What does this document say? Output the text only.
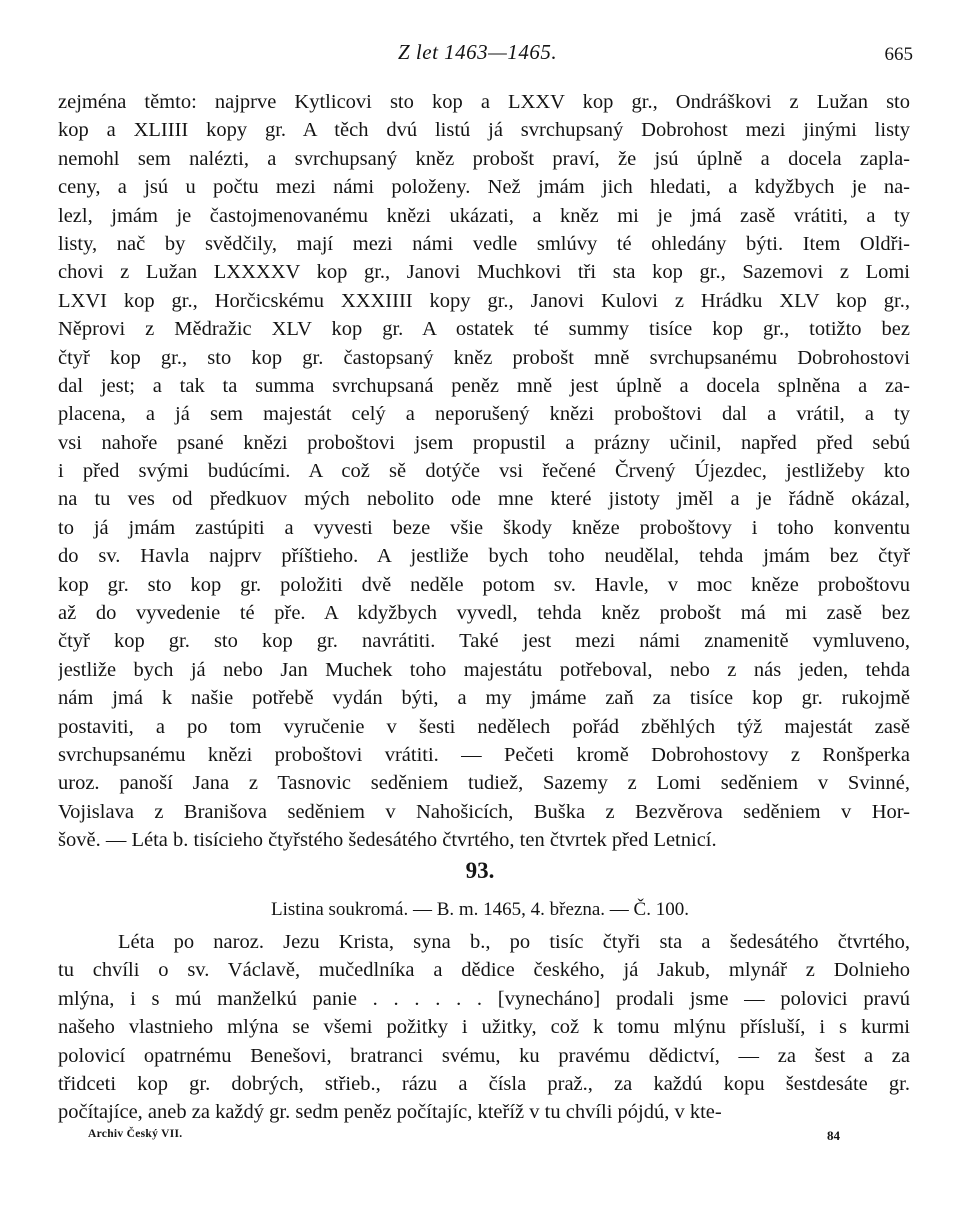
Z let 1463—1465.	665
zejména těmto: najprve Kytlicovi sto kop a LXXV kop gr., Ondráškovi z Lužan sto
kop a XLIIII kopy gr. A těch dvú listú já svrchupsaný Dobrohost mezi jinými listy
nemohl sem nalézti, a svrchupsaný kněz probošt praví, že jsú úplně a docela zapla-
ceny, a jsú u počtu mezi námi položeny. Než jmám jich hledati, a kdyžbych je na-
lezl, jmám je častojmenovanému knězi ukázati, a kněz mi je jmá zasě vrátiti, a ty
listy, nač by svědčily, mají mezi námi vedle smlúvy té ohledány býti. Item Oldři-
chovi z Lužan LXXXXV kop gr., Janovi Muchkovi tři sta kop gr., Sazemovi z Lomi
LXVI kop gr., Horčicskému XXXIIII kopy gr., Janovi Kulovi z Hrádku XLV kop gr.,
Něprovi z Mědražic XLV kop gr. A ostatek té summy tisíce kop gr., totižto bez
čtyř kop gr., sto kop gr. častopsaný kněz probošt mně svrchupsanému Dobrohostovi
dal jest; a tak ta summa svrchupsaná peněz mně jest úplně a docela splněna a za-
placena, a já sem majestát celý a neporušený knězi proboštovi dal a vrátil, a ty
vsi nahoře psané knězi proboštovi jsem propustil a prázny učinil, napřed před sebú
i před svými budúcími. A což sě dotýče vsi řečené Črvený Újezdec, jestližeby kto
na tu ves od předkuov mých nebolito ode mne které jistoty jměl a je řádně okázal,
to já jmám zastúpiti a vyvesti beze všie škody kněze proboštovy i toho konventu
do sv. Havla najprv příštieho. A jestliže bych toho neudělal, tehda jmám bez čtyř
kop gr. sto kop gr. položiti dvě neděle potom sv. Havle, v moc kněze proboštovu
až do vyvedenie té pře. A kdyžbych vyvedl, tehda kněz probošt má mi zasě bez
čtyř kop gr. sto kop gr. navrátiti. Také jest mezi námi znamenitě vymluveno,
jestliže bych já nebo Jan Muchek toho majestátu potřeboval, nebo z nás jeden, tehda
nám jmá k našie potřebě vydán býti, a my jmáme zaň za tisíce kop gr. rukojmě
postaviti, a po tom vyručenie v šesti nedělech pořád zběhlých týž majestát zasě
svrchupsanému knězi proboštovi vrátiti. — Pečeti kromě Dobrohostovy z Ronšperka
uroz. panoší Jana z Tasnovic seděniem tudiež, Sazemy z Lomi seděniem v Svinné,
Vojislava z Branišova seděniem v Nahošicích, Buška z Bezvěrova seděniem v Hor-
šově. — Léta b. tisícieho čtyřstého šedesátého čtvrtého, ten čtvrtek před Letnicí.
93.
Listina soukromá. — B. m. 1465, 4. března. — Č. 100.
Léta po naroz. Jezu Krista, syna b., po tisíc čtyři sta a šedesátého čtvrtého,
tu chvíli o sv. Václavě, mučedlníka a dědice českého, já Jakub, mlynář z Dolnieho
mlýna, i s mú manželkú panie . . . . . . [vynecháno] prodali jsme — polovici pravú
našeho vlastnieho mlýna se všemi požitky i užitky, což k tomu mlýnu přísluší, i s kurmi
polovicí opatrnému Benešovi, bratranci svému, ku pravému dědictví, — za šest a za
třidceti kop gr. dobrých, střieb., rázu a čísla praž., za každú kopu šestdesáte gr.
počítajíce, aneb za každý gr. sedm peněz počítajíc, kteříž v tu chvíli pójdú, v kte-
Archiv Český VII.	84
